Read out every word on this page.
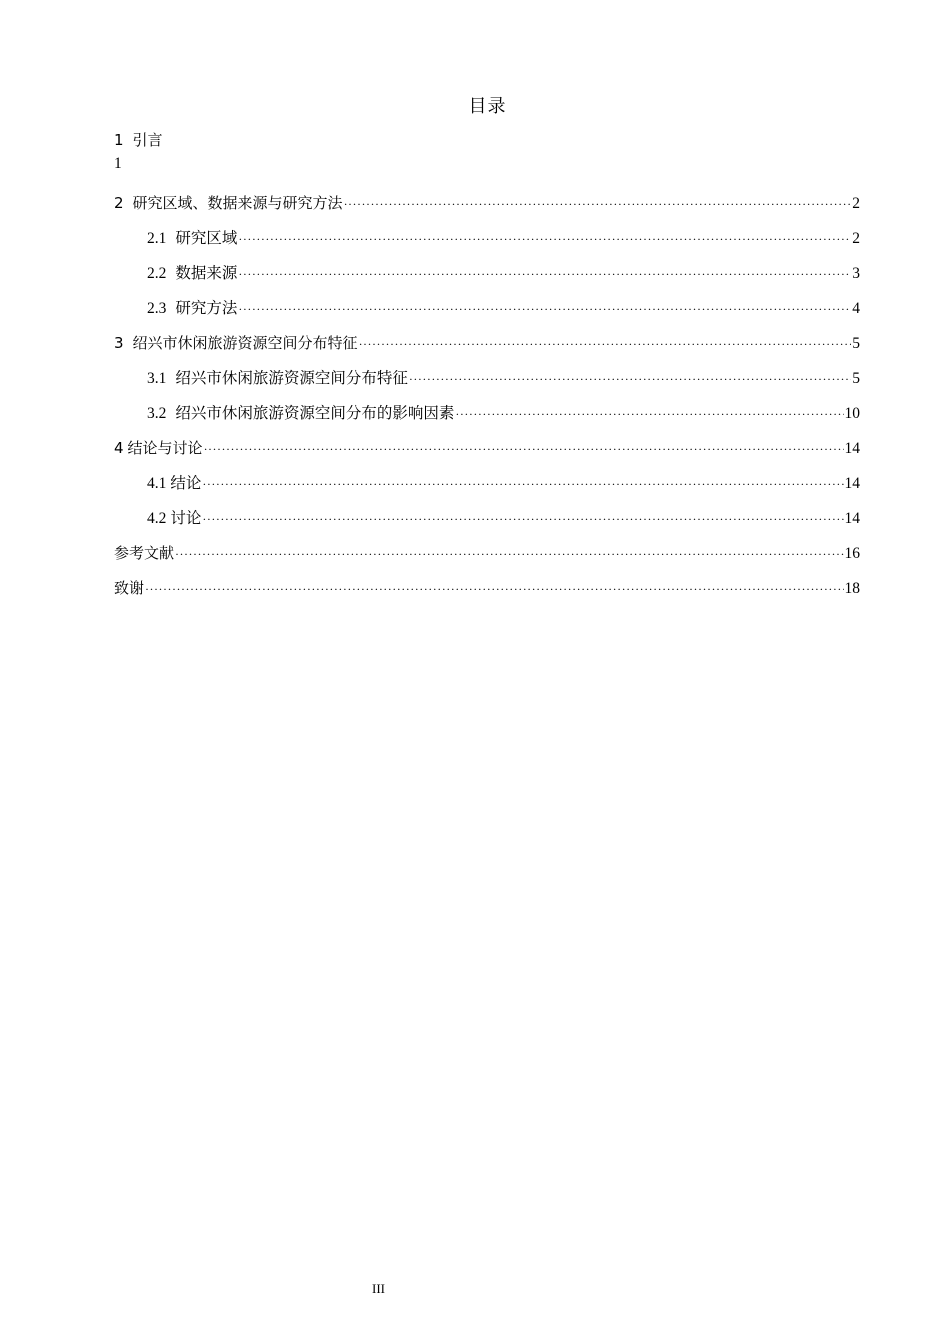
目录
1 引言
1
2 研究区域、数据来源与研究方法 ·····	2
2.1 研究区域 ·····	2
2.2 数据来源 ·····	3
2.3 研究方法 ·····	4
3 绍兴市休闲旅游资源空间分布特征 ·····	5
3.1 绍兴市休闲旅游资源空间分布特征 ·····	5
3.2 绍兴市休闲旅游资源空间分布的影响因素 ·····	10
4 结论与讨论 ·····	14
4.1 结论 ·····	14
4.2 讨论 ·····	14
参考文献 ·····	16
致谢 ·····	18
III
